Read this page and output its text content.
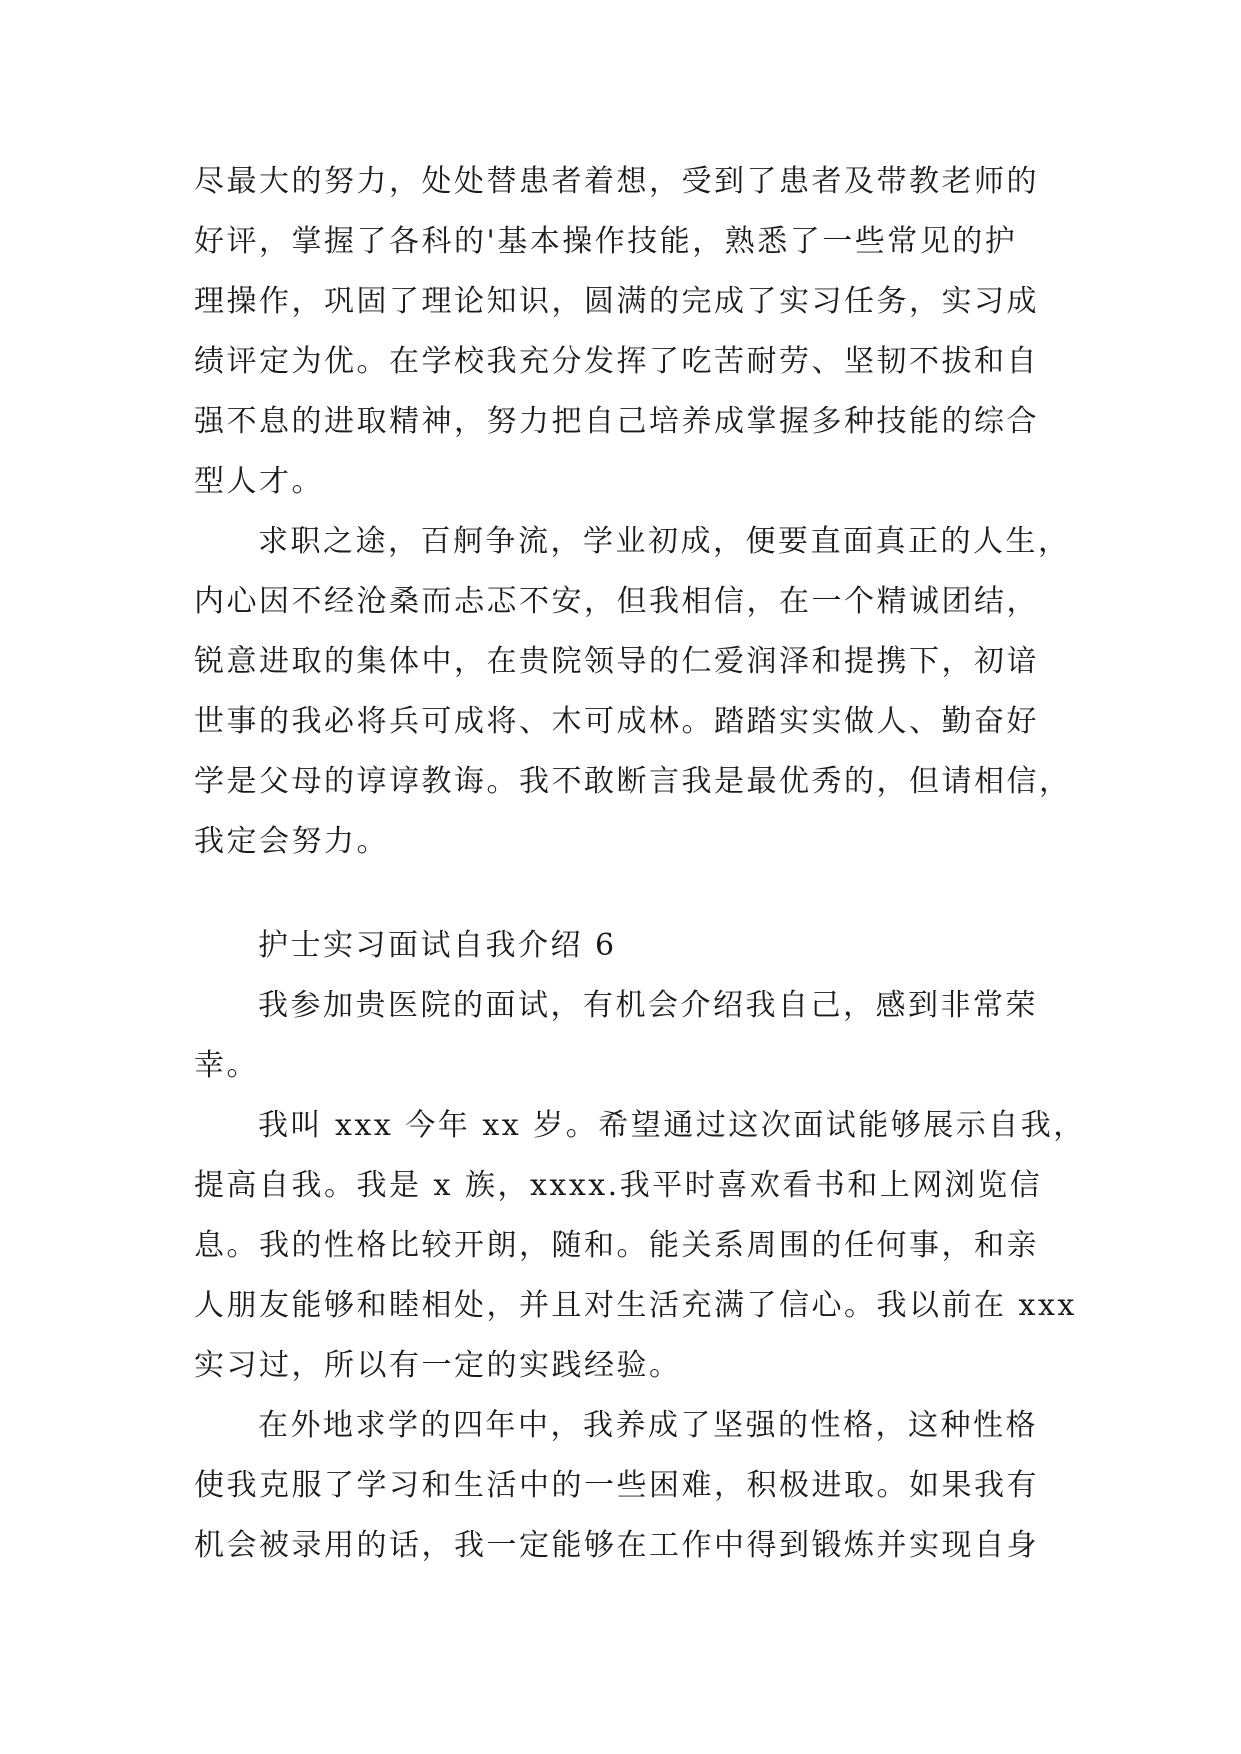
尽最大的努力，处处替患者着想，受到了患者及带教老师的
好评，掌握了各科的'基本操作技能，熟悉了一些常见的护
理操作，巩固了理论知识，圆满的完成了实习任务，实习成
绩评定为优。在学校我充分发挥了吃苦耐劳、坚韧不拔和自
强不息的进取精神，努力把自己培养成掌握多种技能的综合
型人才。
求职之途，百舸争流，学业初成，便要直面真正的人生，
内心因不经沧桑而忐忑不安，但我相信，在一个精诚团结，
锐意进取的集体中，在贵院领导的仁爱润泽和提携下，初谙
世事的我必将兵可成将、木可成林。踏踏实实做人、勤奋好
学是父母的谆谆教诲。我不敢断言我是最优秀的，但请相信，
我定会努力。
护士实习面试自我介绍 6
我参加贵医院的面试，有机会介绍我自己，感到非常荣
幸。
我叫 xxx 今年 xx 岁。希望通过这次面试能够展示自我，
提高自我。我是 x 族，xxxx.我平时喜欢看书和上网浏览信
息。我的性格比较开朗，随和。能关系周围的任何事，和亲
人朋友能够和睦相处，并且对生活充满了信心。我以前在 xxx
实习过，所以有一定的实践经验。
在外地求学的四年中，我养成了坚强的性格，这种性格
使我克服了学习和生活中的一些困难，积极进取。如果我有
机会被录用的话，我一定能够在工作中得到锻炼并实现自身
